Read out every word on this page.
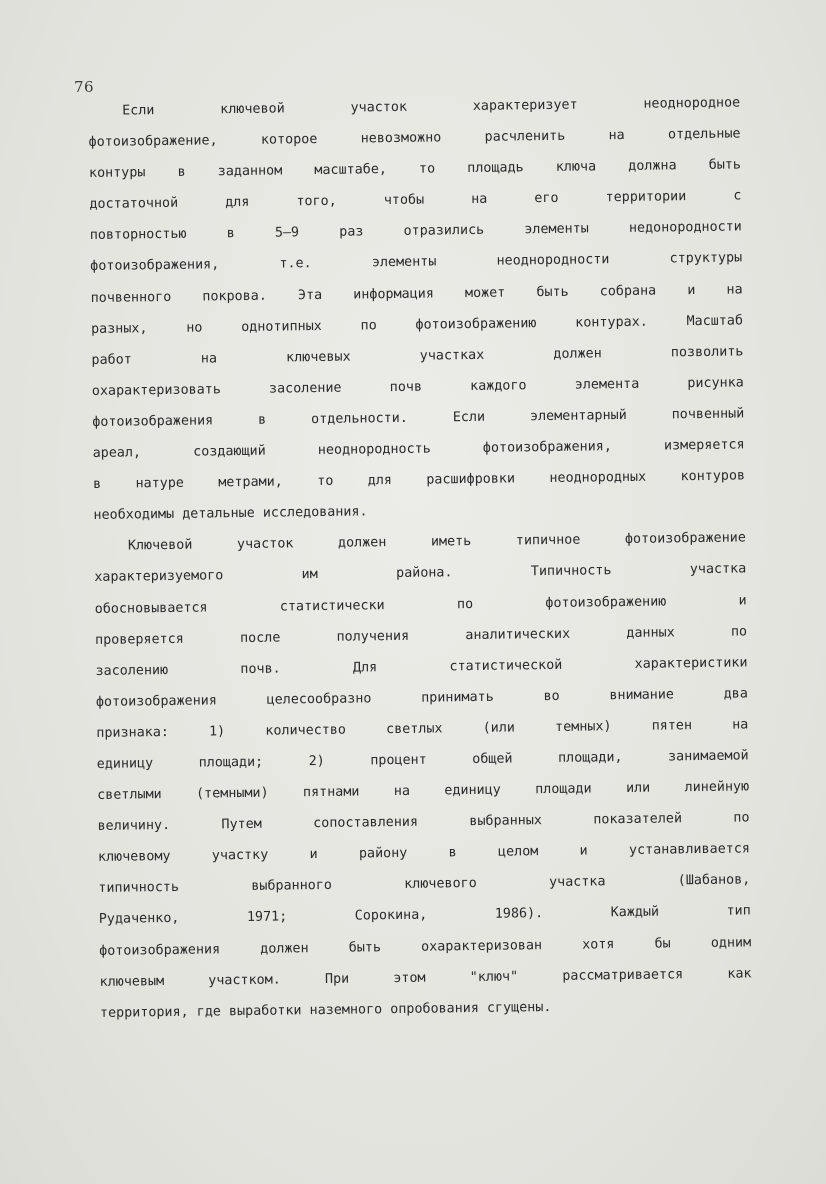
76
Если ключевой участок характеризует неоднородное
фотоизображение, которое невозможно расчленить на отдельные
контуры в заданном масштабе, то площадь ключа должна быть
достаточной для того, чтобы на его территории с
повторностью в 5–9 раз отразились элементы недонородности
фотоизображения, т.е. элементы неоднородности структуры
почвенного покрова. Эта информация может быть собрана и на
разных, но однотипных по фотоизображению контурах. Масштаб
работ на ключевых участках должен позволить
охарактеризовать засоление почв каждого элемента рисунка
фотоизображения в отдельности. Если элементарный почвенный
ареал, создающий неоднородность фотоизображения, измеряется
в натуре метрами, то для расшифровки неоднородных контуров
необходимы детальные исследования.
Ключевой участок должен иметь типичное фотоизображение
характеризуемого им района. Типичность участка
обосновывается статистически по фотоизображению и
проверяется после получения аналитических данных по
засолению почв. Для статистической характеристики
фотоизображения целесообразно принимать во внимание два
признака: 1) количество светлых (или темных) пятен на
единицу площади; 2) процент общей площади, занимаемой
светлыми (темными) пятнами на единицу площади или линейную
величину. Путем сопоставления выбранных показателей по
ключевому участку и району в целом и устанавливается
типичность выбранного ключевого участка (Шабанов,
Рудаченко, 1971; Сорокина, 1986). Каждый тип
фотоизображения должен быть охарактеризован хотя бы одним
ключевым участком. При этом "ключ" рассматривается как
территория, где выработки наземного опробования сгущены.
